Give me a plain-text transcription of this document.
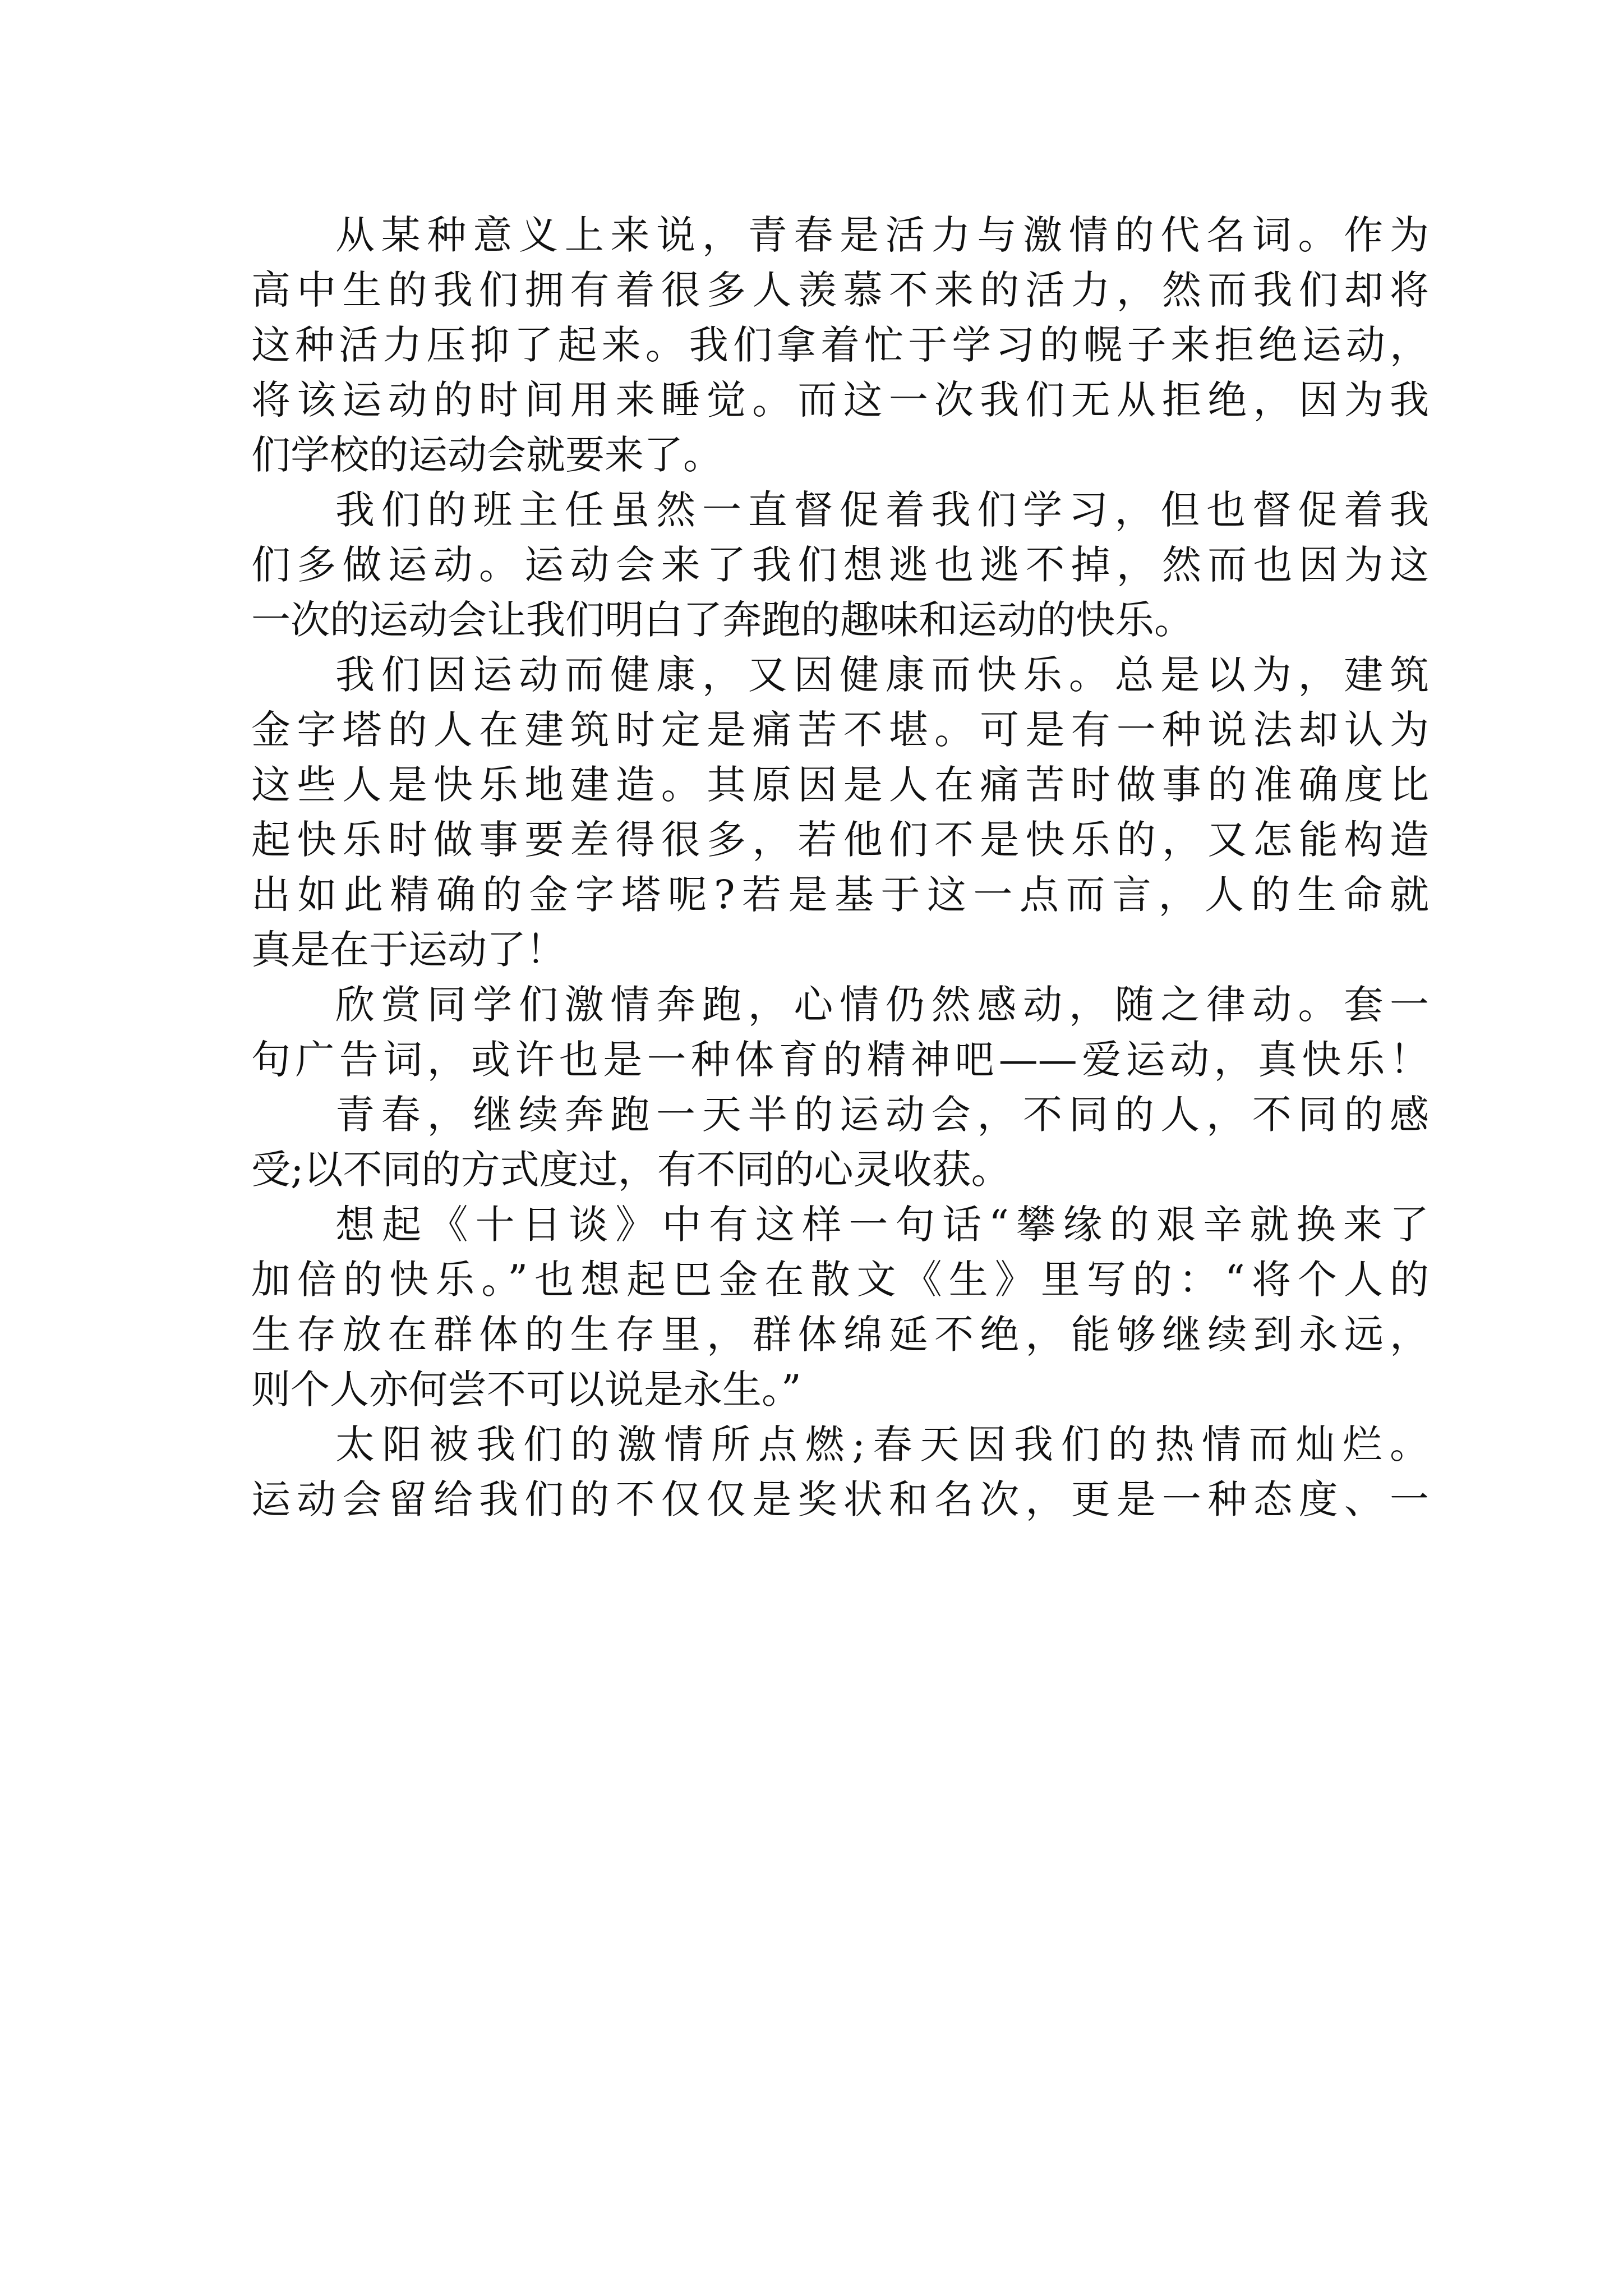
从某种意义上来说，青春是活力与激情的代名词。作为
高中生的我们拥有着很多人羡慕不来的活力，然而我们却将
这种活力压抑了起来。我们拿着忙于学习的幌子来拒绝运动，
将该运动的时间用来睡觉。而这一次我们无从拒绝，因为我
们学校的运动会就要来了。
我们的班主任虽然一直督促着我们学习，但也督促着我
们多做运动。运动会来了我们想逃也逃不掉，然而也因为这
一次的运动会让我们明白了奔跑的趣味和运动的快乐。
我们因运动而健康，又因健康而快乐。总是以为，建筑
金字塔的人在建筑时定是痛苦不堪。可是有一种说法却认为
这些人是快乐地建造。其原因是人在痛苦时做事的准确度比
起快乐时做事要差得很多，若他们不是快乐的，又怎能构造
出如此精确的金字塔呢?若是基于这一点而言，人的生命就
真是在于运动了！
欣赏同学们激情奔跑，心情仍然感动，随之律动。套一
句广告词，或许也是一种体育的精神吧——爱运动，真快乐！
青春，继续奔跑一天半的运动会，不同的人，不同的感
受;以不同的方式度过，有不同的心灵收获。
想起《十日谈》中有这样一句话“攀缘的艰辛就换来了
加倍的快乐。”也想起巴金在散文《生》里写的：“将个人的
生存放在群体的生存里，群体绵延不绝，能够继续到永远，
则个人亦何尝不可以说是永生。”
太阳被我们的激情所点燃;春天因我们的热情而灿烂。
运动会留给我们的不仅仅是奖状和名次，更是一种态度、一
